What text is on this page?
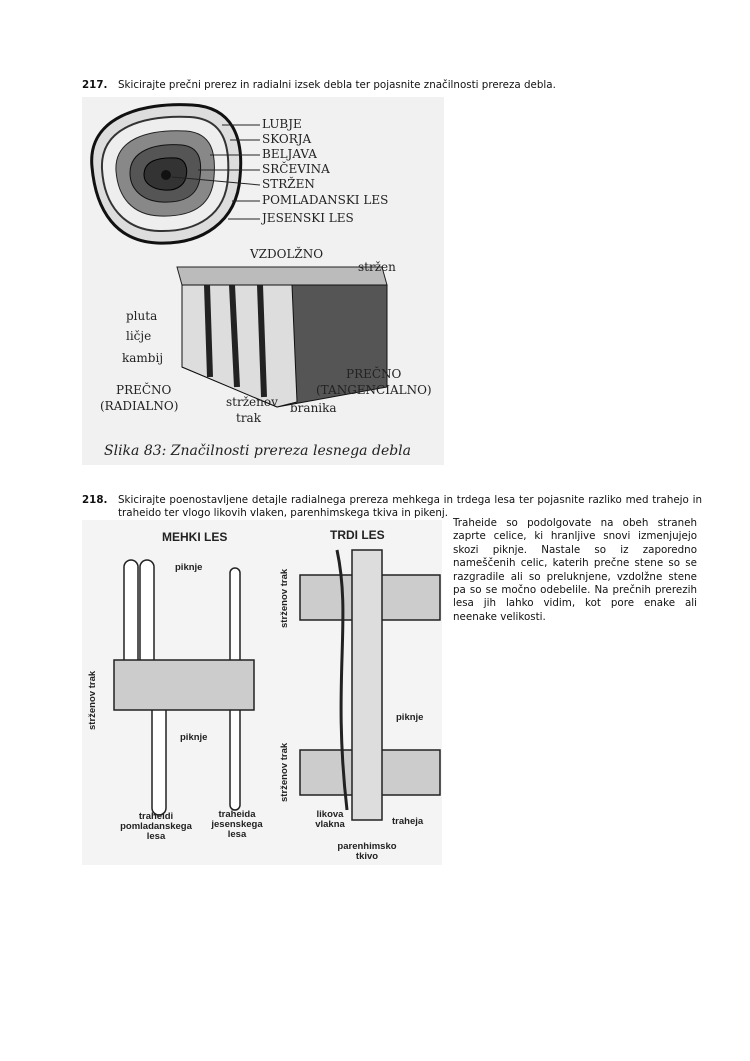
217. Skicirajte prečni prerez in radialni izsek debla ter pojasnite značilnosti prereza debla.
LUBJE
SKORJA
BELJAVA
SRČEVINA
STRŽEN
POMLADANSKI LES
JESENSKI LES
VZDOLŽNO
stržen
pluta
ličje
kambij
PREČNO
(RADIALNO)	strženov
trak
branika
PREČNO
(TANGENCIALNO)
Slika 83: Značilnosti prereza lesnega debla
218. Skicirajte poenostavljene detajle radialnega prereza mehkega in trdega lesa ter pojasnite razliko med trahejo in traheido ter vlogo likovih vlaken, parenhimskega tkiva in pikenj.
MEHKI LES	TRDI LES
piknje
piknje
piknje
strženov trak
strženov trak
strženov trak
traheidi pomladanskega lesa
traheida jesenskega lesa
likova vlakna
parenhimsko tkivo
traheja
Traheide so podolgovate na obeh straneh zaprte celice, ki hranljive snovi izmenjujejo skozi piknje. Nastale so iz zaporedno nameščenih celic, katerih prečne stene so se razgradile ali so preluknjene, vzdolžne stene pa so se močno odebelile. Na prečnih prerezih lesa jih lahko vidim, kot pore enake ali neenake velikosti.
